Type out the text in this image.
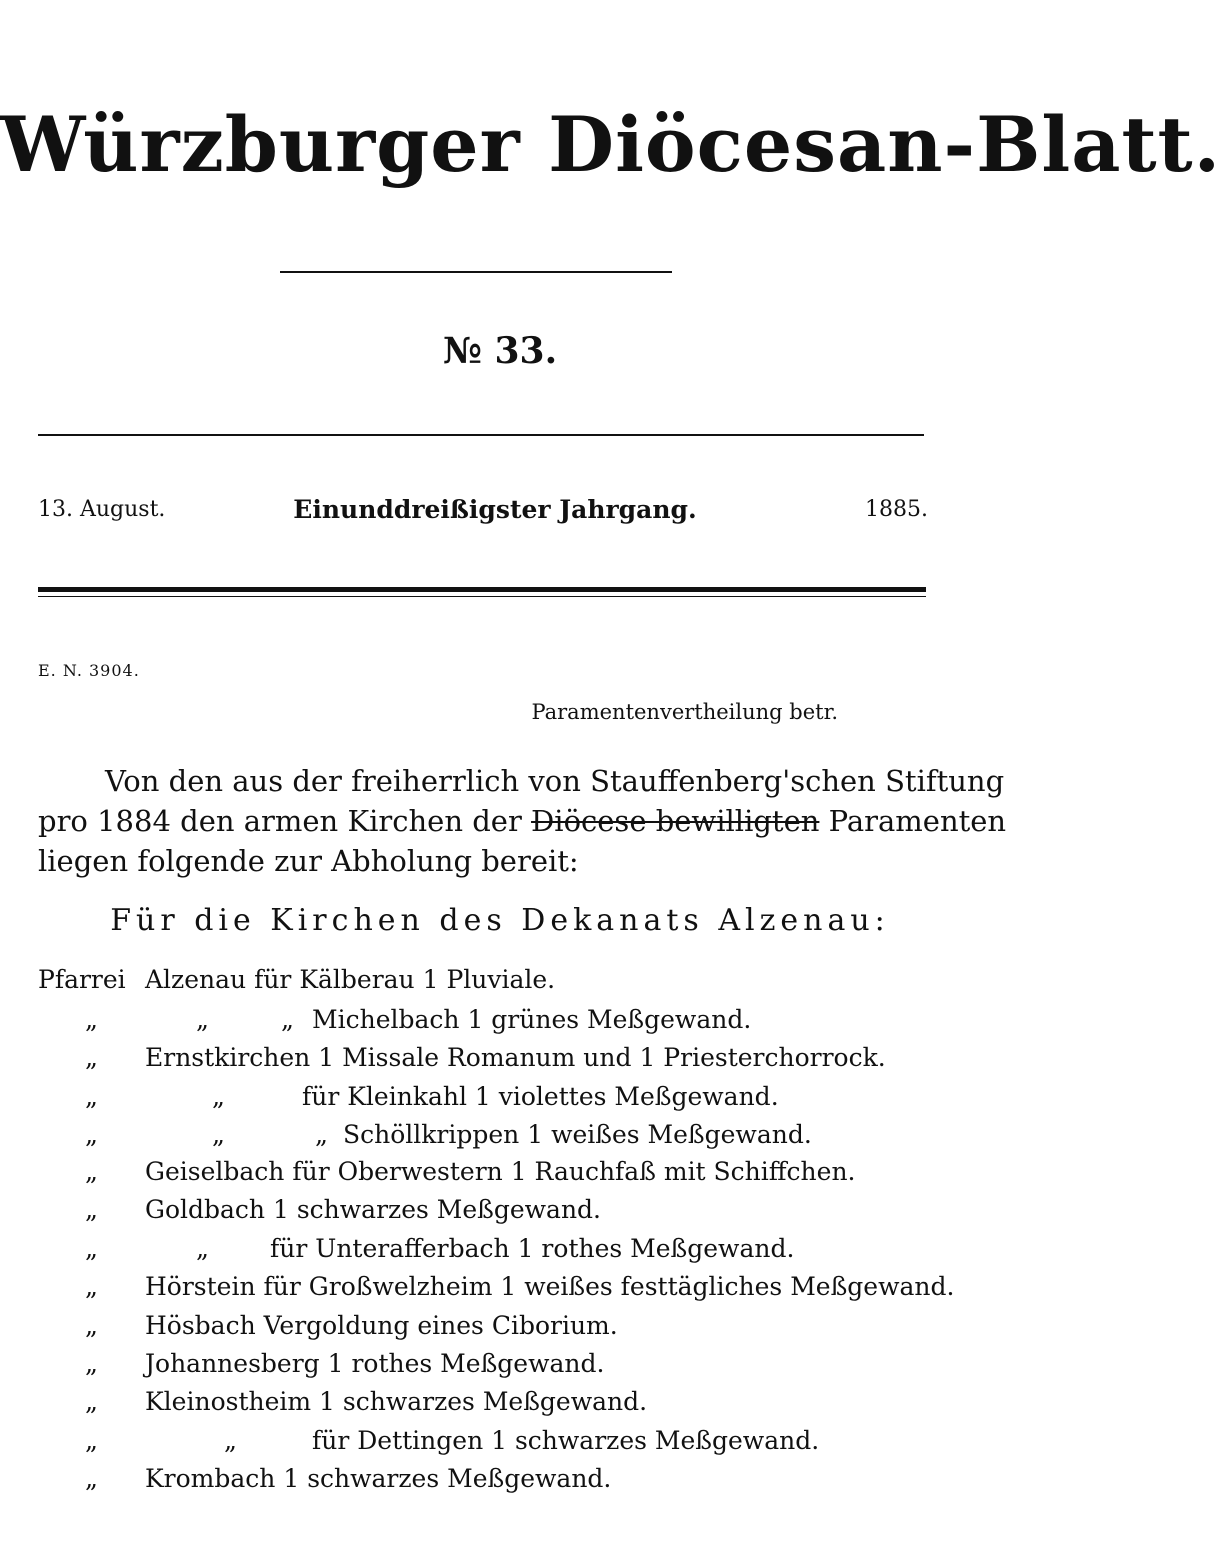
Würzburger Diöcesan-Blatt.
№ 33.
13. August.	Einunddreißigster Jahrgang.	1885.
E. N. 3904.
Paramentenvertheilung betr.
Von den aus der freiherrlich von Stauffenberg'schen Stiftung
pro 1884 den armen Kirchen der Diöcese bewilligten Paramenten
liegen folgende zur Abholung bereit:
Für die Kirchen des Dekanats Alzenau:
Pfarrei Alzenau für Kälberau 1 Pluviale.
„	„	„ Michelbach 1 grünes Meßgewand.
„ Ernstkirchen 1 Missale Romanum und 1 Priesterchorrock.
„	„	für Kleinkahl 1 violettes Meßgewand.
„	„	„ Schöllkrippen 1 weißes Meßgewand.
„ Geiselbach für Oberwestern 1 Rauchfaß mit Schiffchen.
„ Goldbach 1 schwarzes Meßgewand.
„	„ für Unterafferbach 1 rothes Meßgewand.
„ Hörstein für Großwelzheim 1 weißes festtägliches Meßgewand.
„ Hösbach Vergoldung eines Ciborium.
„ Johannesberg 1 rothes Meßgewand.
„ Kleinostheim 1 schwarzes Meßgewand.
„	„	für Dettingen 1 schwarzes Meßgewand.
„ Krombach 1 schwarzes Meßgewand.
